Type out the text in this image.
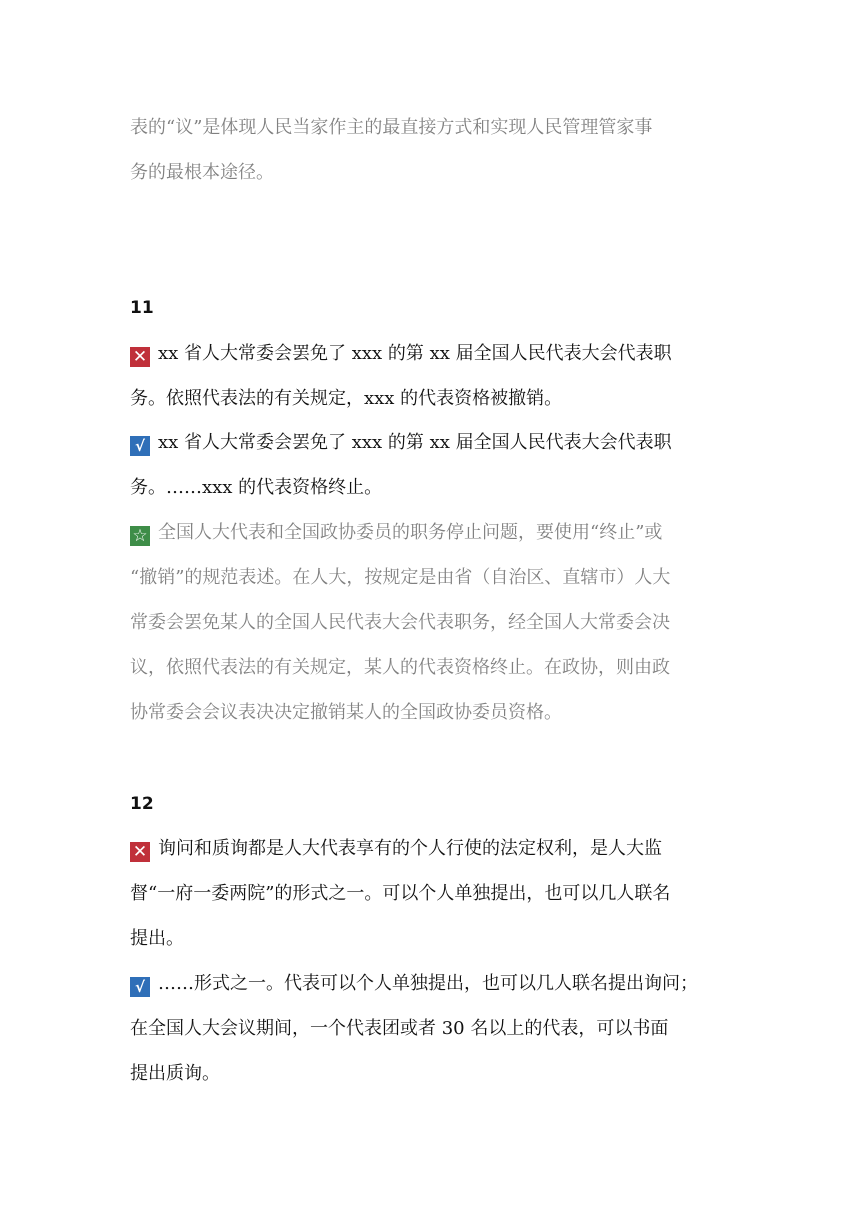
表的“议”是体现人民当家作主的最直接方式和实现人民管理管家事
务的最根本途径。
11
✕ xx 省人大常委会罢免了 xxx 的第 xx 届全国人民代表大会代表职
务。依照代表法的有关规定，xxx 的代表资格被撤销。
√ xx 省人大常委会罢免了 xxx 的第 xx 届全国人民代表大会代表职
务。……xxx 的代表资格终止。
☆ 全国人大代表和全国政协委员的职务停止问题，要使用“终止”或
“撤销”的规范表述。在人大，按规定是由省（自治区、直辖市）人大
常委会罢免某人的全国人民代表大会代表职务，经全国人大常委会决
议，依照代表法的有关规定，某人的代表资格终止。在政协，则由政
协常委会会议表决决定撤销某人的全国政协委员资格。
12
✕ 询问和质询都是人大代表享有的个人行使的法定权利，是人大监
督“一府一委两院”的形式之一。可以个人单独提出，也可以几人联名
提出。
√ ……形式之一。代表可以个人单独提出，也可以几人联名提出询问；
在全国人大会议期间，一个代表团或者 30 名以上的代表，可以书面
提出质询。
